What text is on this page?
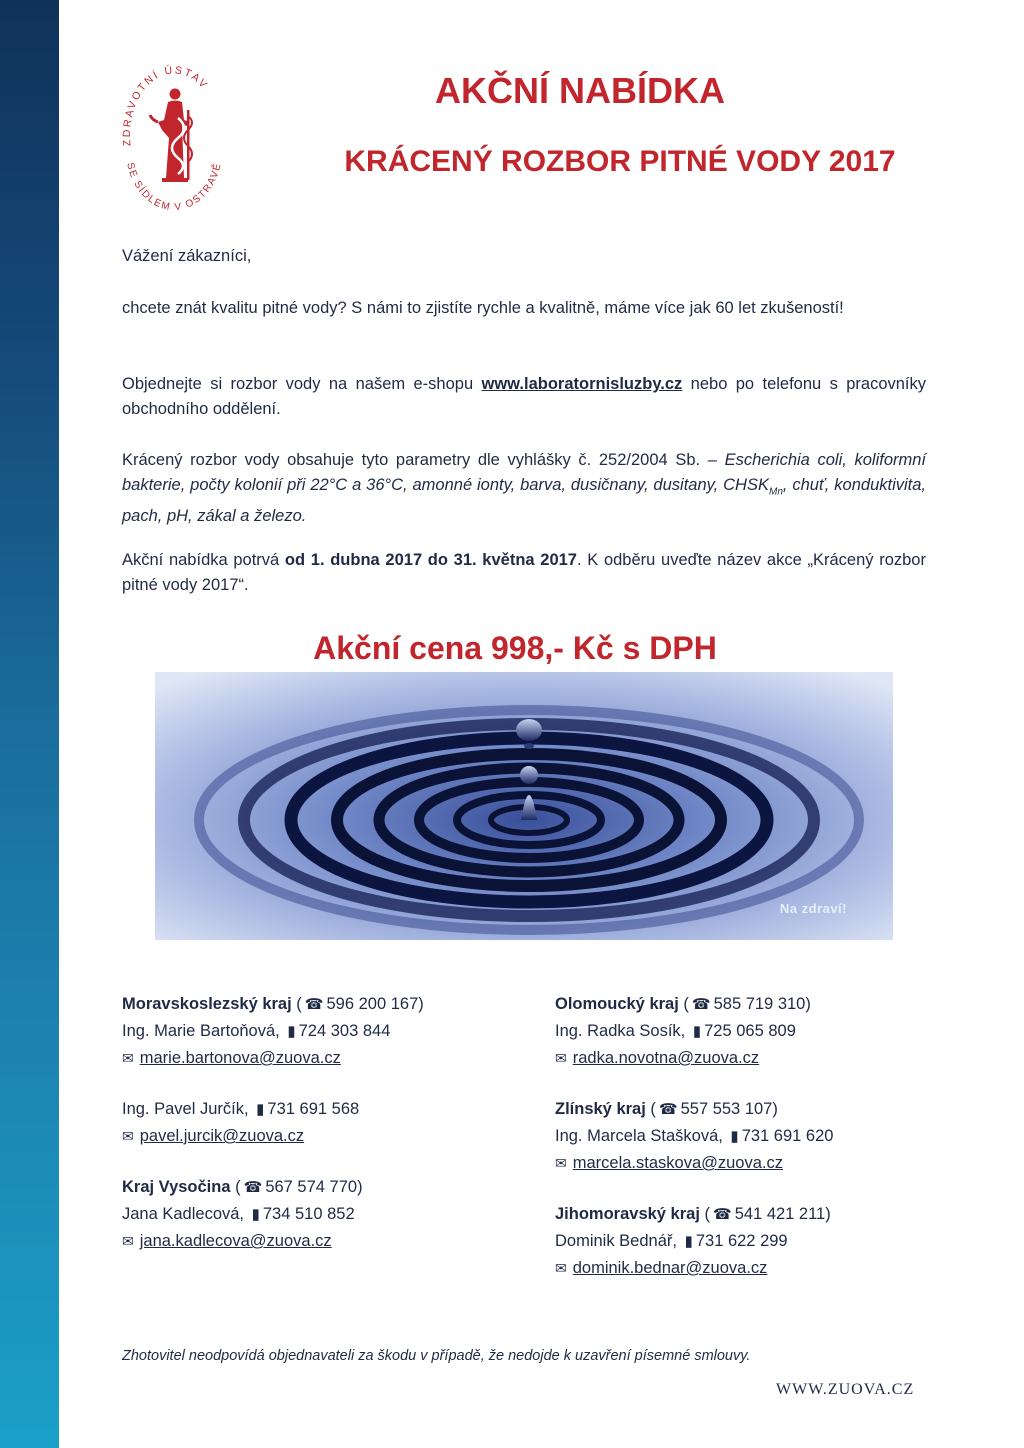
ZDRAVOTNÍ ÚSTAV
SE SÍDLEM V OSTRAVĚ
AKČNÍ NABÍDKA
KRÁCENÝ ROZBOR PITNÉ VODY 2017

Vážení zákazníci,

chcete znát kvalitu pitné vody? S námi to zjistíte rychle a kvalitně, máme více jak 60 let zkušeností!

Objednejte si rozbor vody na našem e-shopu www.laboratornisluzby.cz nebo po telefonu s pracovníky obchodního oddělení.

Krácený rozbor vody obsahuje tyto parametry dle vyhlášky č. 252/2004 Sb. – Escherichia coli, koliformní bakterie, počty kolonií při 22°C a 36°C, amonné ionty, barva, dusičnany, dusitany, $CHSK_{Mn}$, chuť, konduktivita, pach, pH, zákal a železo.

Akční nabídka potrvá od 1. dubna 2017 do 31. května 2017. K odběru uveďte název akce „Krácený rozbor pitné vody 2017“.

Akční cena 998,- Kč s DPH
Na zdraví!
Moravskoslezský kraj ( ☎ 596 200 167)
Ing. Marie Bartoňová, ▮ 724 303 844
✉ marie.bartonova@zuova.cz
Ing. Pavel Jurčík, ▮ 731 691 568
✉ pavel.jurcik@zuova.cz
Kraj Vysočina ( ☎ 567 574 770)
Jana Kadlecová, ▮ 734 510 852
✉ jana.kadlecova@zuova.cz
Olomoucký kraj ( ☎ 585 719 310)
Ing. Radka Sosík, ▮ 725 065 809
✉ radka.novotna@zuova.cz
Zlínský kraj ( ☎ 557 553 107)
Ing. Marcela Stašková, ▮ 731 691 620
✉ marcela.staskova@zuova.cz
Jihomoravský kraj ( ☎ 541 421 211)
Dominik Bednář, ▮ 731 622 299
✉ dominik.bednar@zuova.cz

Zhotovitel neodpovídá objednavateli za škodu v případě, že nedojde k uzavření písemné smlouvy.

WWW.ZUOVA.CZ
